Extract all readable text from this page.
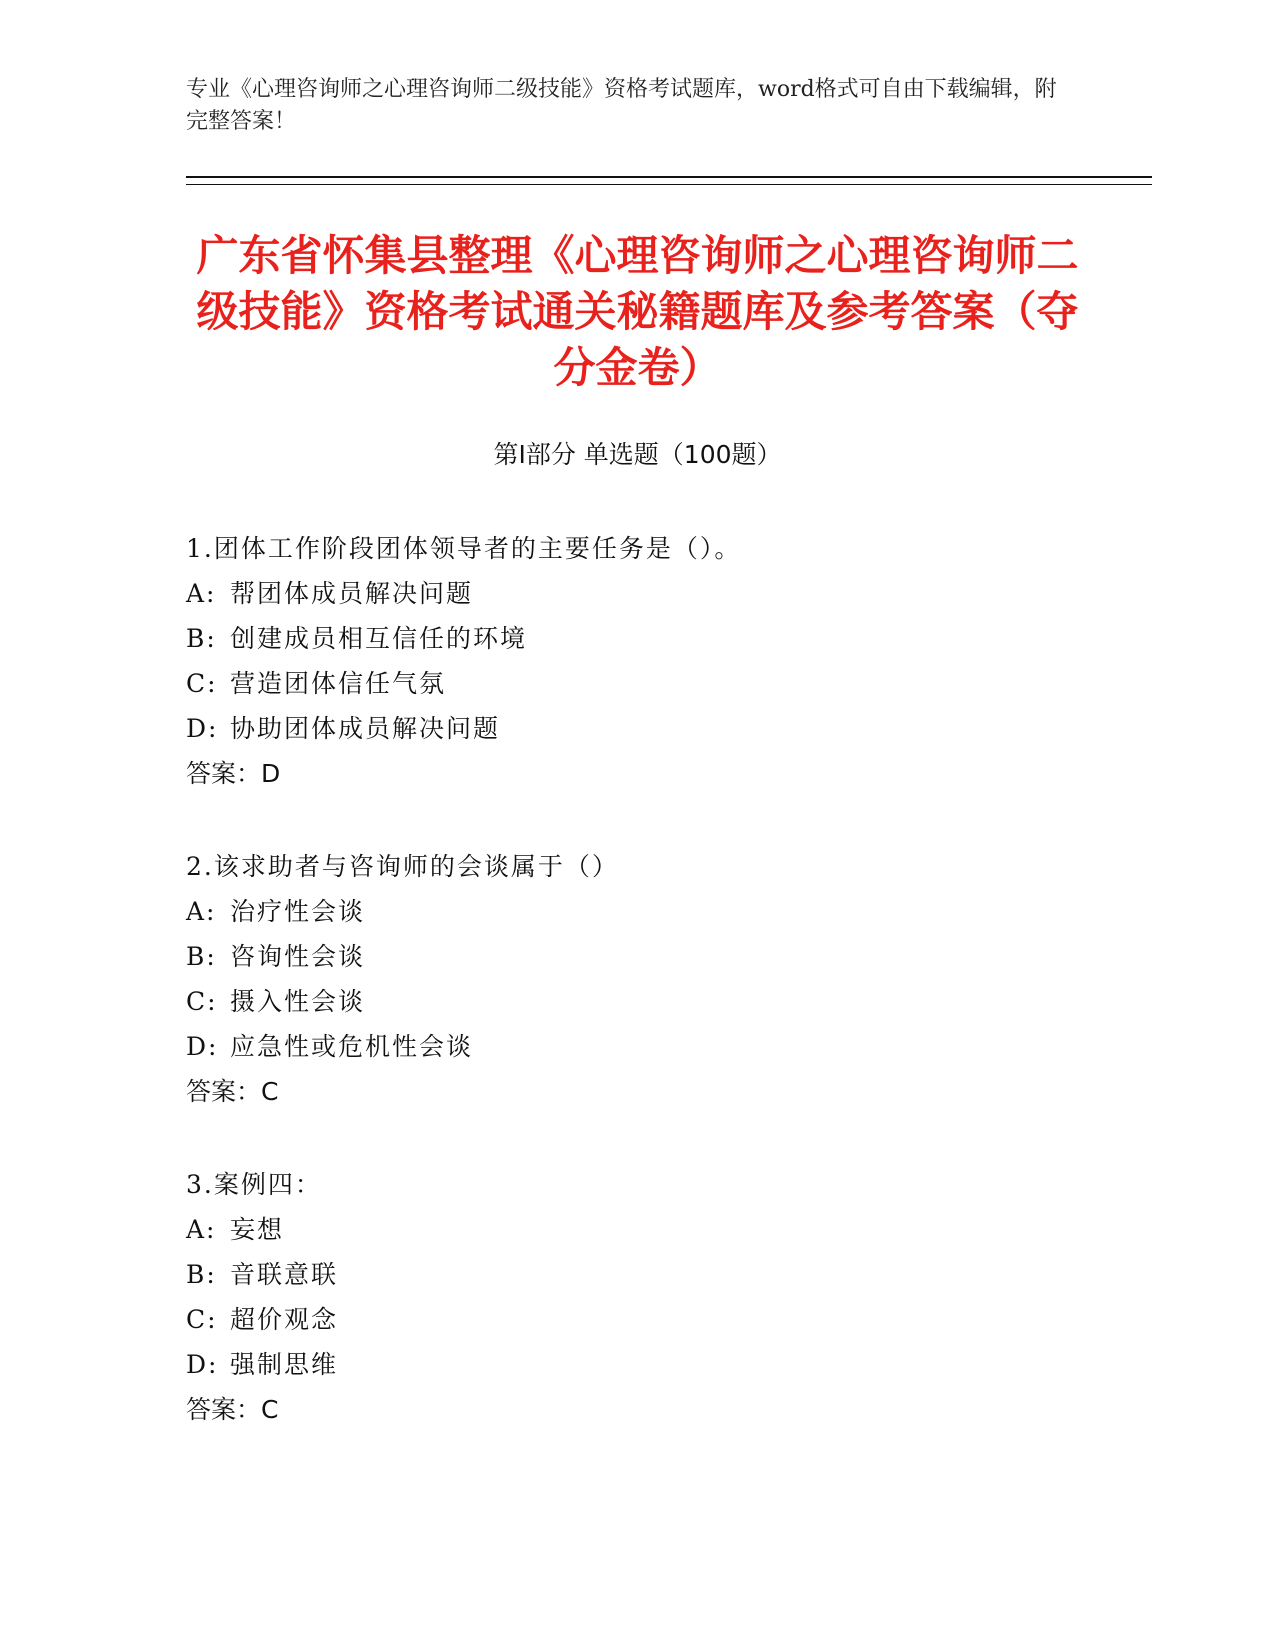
专业《心理咨询师之心理咨询师二级技能》资格考试题库，word格式可自由下载编辑，附完整答案！
广东省怀集县整理《心理咨询师之心理咨询师二级技能》资格考试通关秘籍题库及参考答案（夺分金卷）
第Ⅰ部分 单选题（100题）
1.团体工作阶段团体领导者的主要任务是（）。
A: 帮团体成员解决问题
B: 创建成员相互信任的环境
C: 营造团体信任气氛
D: 协助团体成员解决问题
答案：D
2.该求助者与咨询师的会谈属于（）
A: 治疗性会谈
B: 咨询性会谈
C: 摄入性会谈
D: 应急性或危机性会谈
答案：C
3.案例四：
A: 妄想
B: 音联意联
C: 超价观念
D: 强制思维
答案：C
